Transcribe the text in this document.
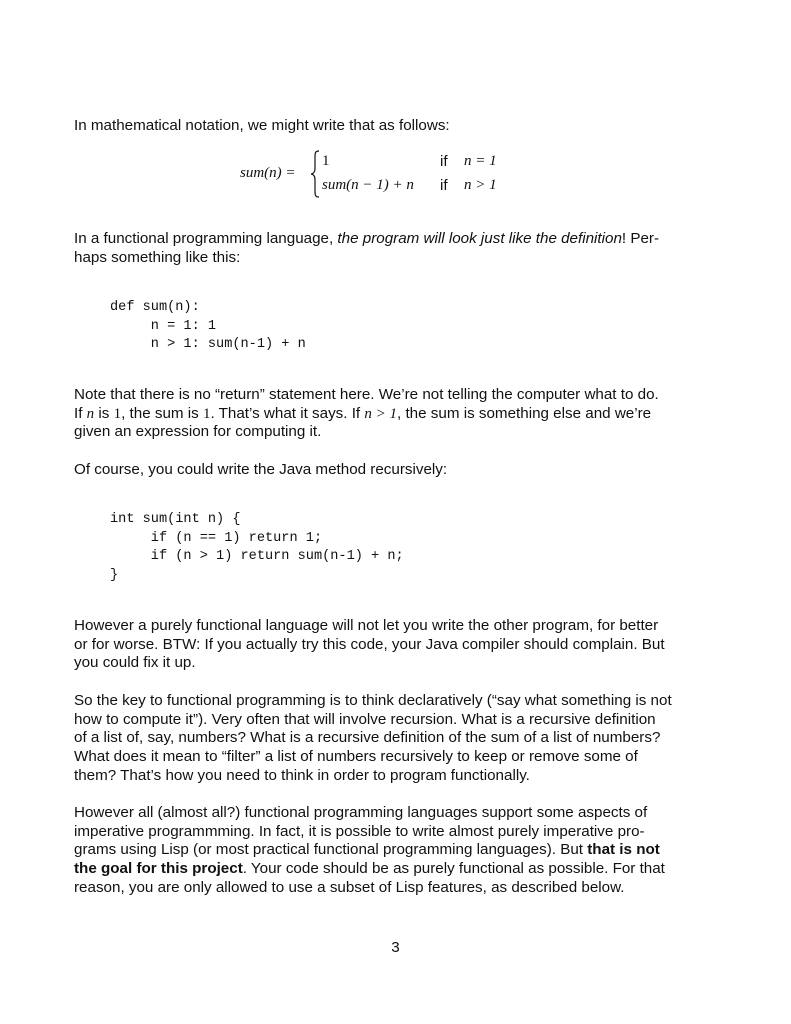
In mathematical notation, we might write that as follows:

sum(n) =
1	if n = 1
sum(n − 1) + n if n > 1

In a functional programming language, the program will look just like the definition! Per-
haps something like this:

def sum(n):
n = 1: 1
n > 1: sum(n-1) + n

Note that there is no “return” statement here. We’re not telling the computer what to do.
If n is 1, the sum is 1. That’s what it says. If n > 1, the sum is something else and we’re
given an expression for computing it.

Of course, you could write the Java method recursively:

int sum(int n) {
if (n == 1) return 1;
if (n > 1) return sum(n-1) + n;
}

However a purely functional language will not let you write the other program, for better
or for worse. BTW: If you actually try this code, your Java compiler should complain. But
you could fix it up.

So the key to functional programming is to think declaratively (“say what something is not
how to compute it”). Very often that will involve recursion. What is a recursive definition
of a list of, say, numbers? What is a recursive definition of the sum of a list of numbers?
What does it mean to “filter” a list of numbers recursively to keep or remove some of
them? That’s how you need to think in order to program functionally.

However all (almost all?) functional programming languages support some aspects of
imperative programmming. In fact, it is possible to write almost purely imperative pro-
grams using Lisp (or most practical functional programming languages). But that is not
the goal for this project. Your code should be as purely functional as possible. For that
reason, you are only allowed to use a subset of Lisp features, as described below.

3
